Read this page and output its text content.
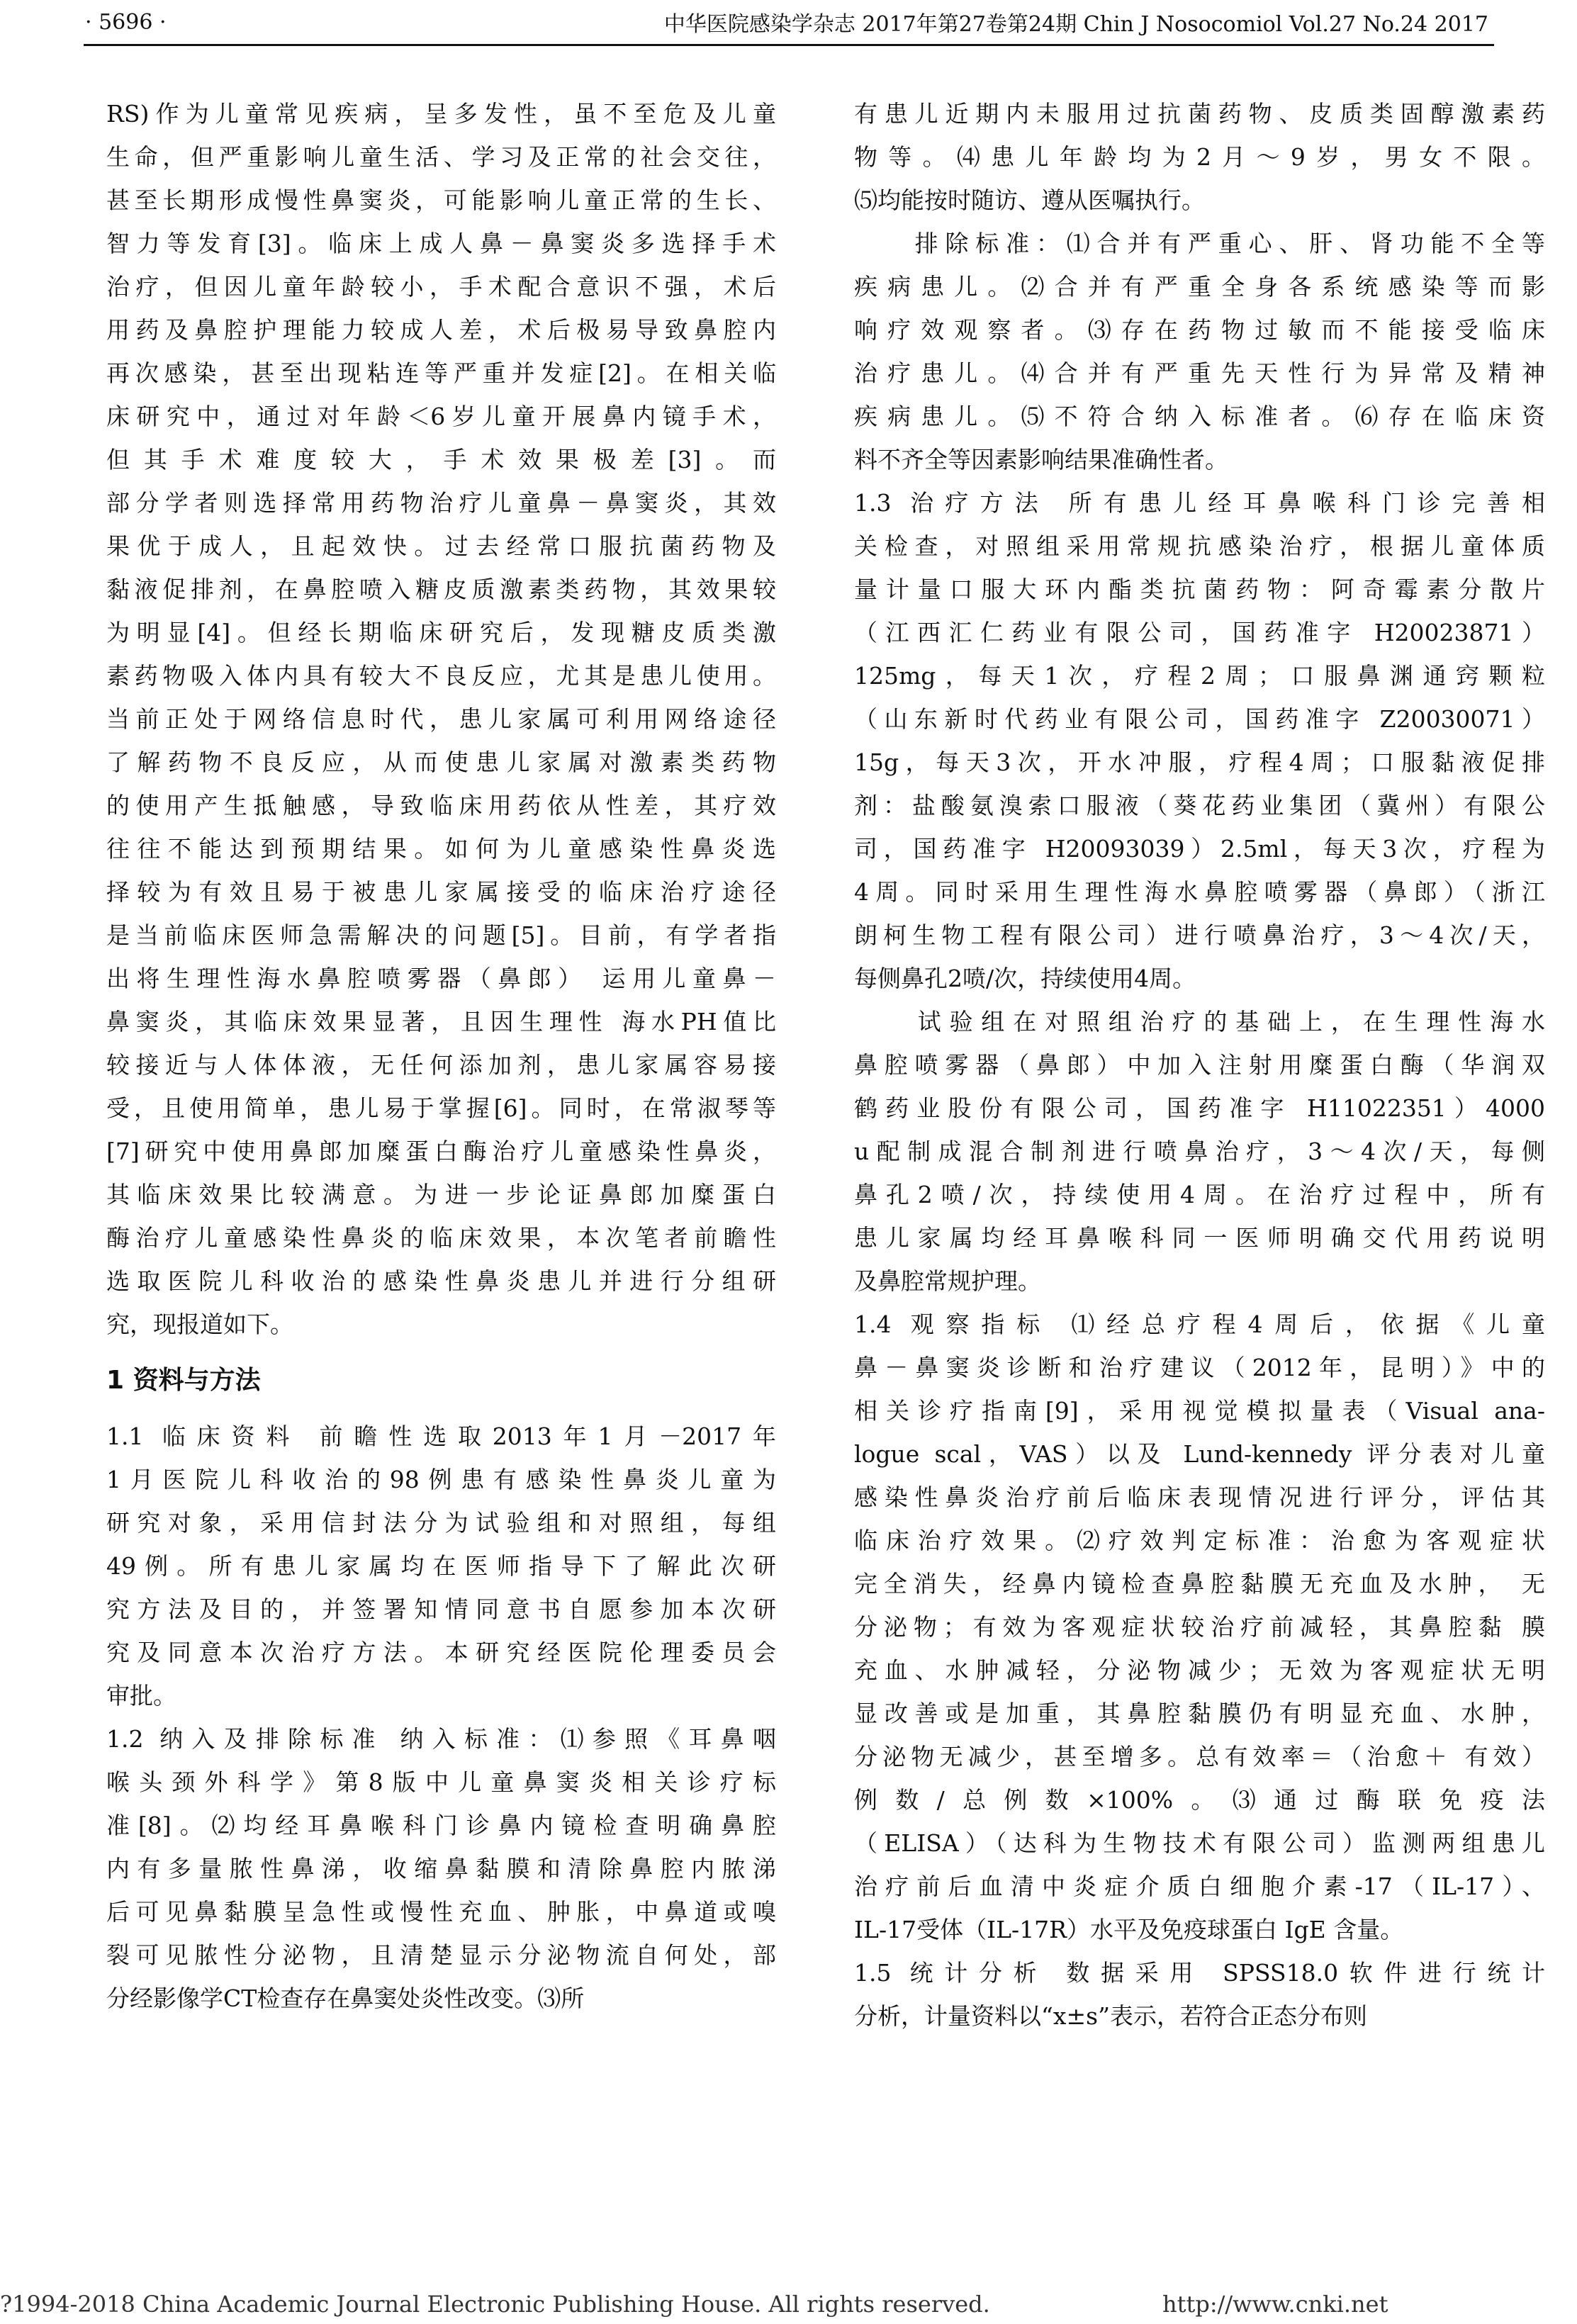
· 5696 ·	中华医院感染学杂志 2017年第27卷第24期 Chin J Nosocomiol Vol.27 No.24 2017
RS)作为儿童常见疾病，呈多发性，虽不至危及儿童
生命，但严重影响儿童生活、学习及正常的社会交往，
甚至长期形成慢性鼻窦炎，可能影响儿童正常的生长、
智力等发育[3]。临床上成人鼻－鼻窦炎多选择手术
治疗，但因儿童年龄较小，手术配合意识不强，术后
用药及鼻腔护理能力较成人差，术后极易导致鼻腔内
再次感染，甚至出现粘连等严重并发症[2]。在相关临
床研究中，通过对年龄＜6岁儿童开展鼻内镜手术，
但其手术难度较大，手术效果极差[3]。而
部分学者则选择常用药物治疗儿童鼻－鼻窦炎，其效
果优于成人，且起效快。过去经常口服抗菌药物及
黏液促排剂，在鼻腔喷入糖皮质激素类药物，其效果较
为明显[4]。但经长期临床研究后，发现糖皮质类激
素药物吸入体内具有较大不良反应，尤其是患儿使用。
当前正处于网络信息时代，患儿家属可利用网络途径
了解药物不良反应，从而使患儿家属对激素类药物
的使用产生抵触感，导致临床用药依从性差，其疗效
往往不能达到预期结果。如何为儿童感染性鼻炎选
择较为有效且易于被患儿家属接受的临床治疗途径
是当前临床医师急需解决的问题[5]。目前，有学者指
出将生理性海水鼻腔喷雾器（鼻郎） 运用儿童鼻－
鼻窦炎，其临床效果显著，且因生理性 海水PH值比
较接近与人体体液，无任何添加剂，患儿家属容易接
受，且使用简单，患儿易于掌握[6]。同时，在常淑琴等
[7]研究中使用鼻郎加糜蛋白酶治疗儿童感染性鼻炎，
其临床效果比较满意。为进一步论证鼻郎加糜蛋白
酶治疗儿童感染性鼻炎的临床效果，本次笔者前瞻性
选取医院儿科收治的感染性鼻炎患儿并进行分组研
究，现报道如下。
1 资料与方法
1.1 临床资料 前瞻性选取2013年1月－2017年
1月医院儿科收治的98例患有感染性鼻炎儿童为
研究对象，采用信封法分为试验组和对照组，每组
49例。所有患儿家属均在医师指导下了解此次研
究方法及目的，并签署知情同意书自愿参加本次研
究及同意本次治疗方法。本研究经医院伦理委员会
审批。
1.2 纳入及排除标准 纳入标准：⑴参照《耳鼻咽
喉头颈外科学》第8版中儿童鼻窦炎相关诊疗标
准[8]。⑵均经耳鼻喉科门诊鼻内镜检查明确鼻腔
内有多量脓性鼻涕，收缩鼻黏膜和清除鼻腔内脓涕
后可见鼻黏膜呈急性或慢性充血、肿胀，中鼻道或嗅
裂可见脓性分泌物，且清楚显示分泌物流自何处，部
分经影像学CT检查存在鼻窦处炎性改变。⑶所
有患儿近期内未服用过抗菌药物、皮质类固醇激素药
物等。⑷患儿年龄均为2月～9岁，男女不限。
⑸均能按时随访、遵从医嘱执行。
　　排除标准：⑴合并有严重心、肝、肾功能不全等
疾病患儿。⑵合并有严重全身各系统感染等而影
响疗效观察者。⑶存在药物过敏而不能接受临床
治疗患儿。⑷合并有严重先天性行为异常及精神
疾病患儿。⑸不符合纳入标准者。⑹存在临床资
料不齐全等因素影响结果准确性者。
1.3 治疗方法 所有患儿经耳鼻喉科门诊完善相
关检查，对照组采用常规抗感染治疗，根据儿童体质
量计量口服大环内酯类抗菌药物：阿奇霉素分散片
（江西汇仁药业有限公司，国药准字 H20023871）
125mg，每天1次，疗程2周；口服鼻渊通窍颗粒
（山东新时代药业有限公司，国药准字 Z20030071）
15g，每天3次，开水冲服，疗程4周；口服黏液促排
剂：盐酸氨溴索口服液（葵花药业集团（冀州）有限公
司，国药准字 H20093039）2.5ml，每天3次，疗程为
4周。同时采用生理性海水鼻腔喷雾器（鼻郎）（浙江
朗柯生物工程有限公司）进行喷鼻治疗，3～4次/天，
每侧鼻孔2喷/次，持续使用4周。
　　试验组在对照组治疗的基础上，在生理性海水
鼻腔喷雾器（鼻郎）中加入注射用糜蛋白酶（华润双
鹤药业股份有限公司，国药准字 H11022351）4000
u配制成混合制剂进行喷鼻治疗，3～4次/天，每侧
鼻孔2喷/次，持续使用4周。在治疗过程中，所有
患儿家属均经耳鼻喉科同一医师明确交代用药说明
及鼻腔常规护理。
1.4 观察指标 ⑴经总疗程4周后，依据《儿童
鼻－鼻窦炎诊断和治疗建议（2012年，昆明）》中的
相关诊疗指南[9]，采用视觉模拟量表（Visual ana-
logue scal，VAS）以及 Lund-kennedy 评分表对儿童
感染性鼻炎治疗前后临床表现情况进行评分，评估其
临床治疗效果。⑵疗效判定标准：治愈为客观症状
完全消失，经鼻内镜检查鼻腔黏膜无充血及水肿， 无
分泌物；有效为客观症状较治疗前减轻，其鼻腔黏 膜
充血、水肿减轻，分泌物减少；无效为客观症状无明
显改善或是加重，其鼻腔黏膜仍有明显充血、水肿，
分泌物无减少，甚至增多。总有效率＝（治愈＋ 有效）
例数/总例数×100%。⑶通过酶联免疫法
（ELISA）（达科为生物技术有限公司）监测两组患儿
治疗前后血清中炎症介质白细胞介素-17（IL-17）、
IL-17受体（IL-17R）水平及免疫球蛋白 IgE 含量。
1.5 统计分析 数据采用 SPSS18.0软件进行统计
分析，计量资料以“x±s”表示，若符合正态分布则
?1994-2018 China Academic Journal Electronic Publishing House. All rights reserved.	http://www.cnki.net
